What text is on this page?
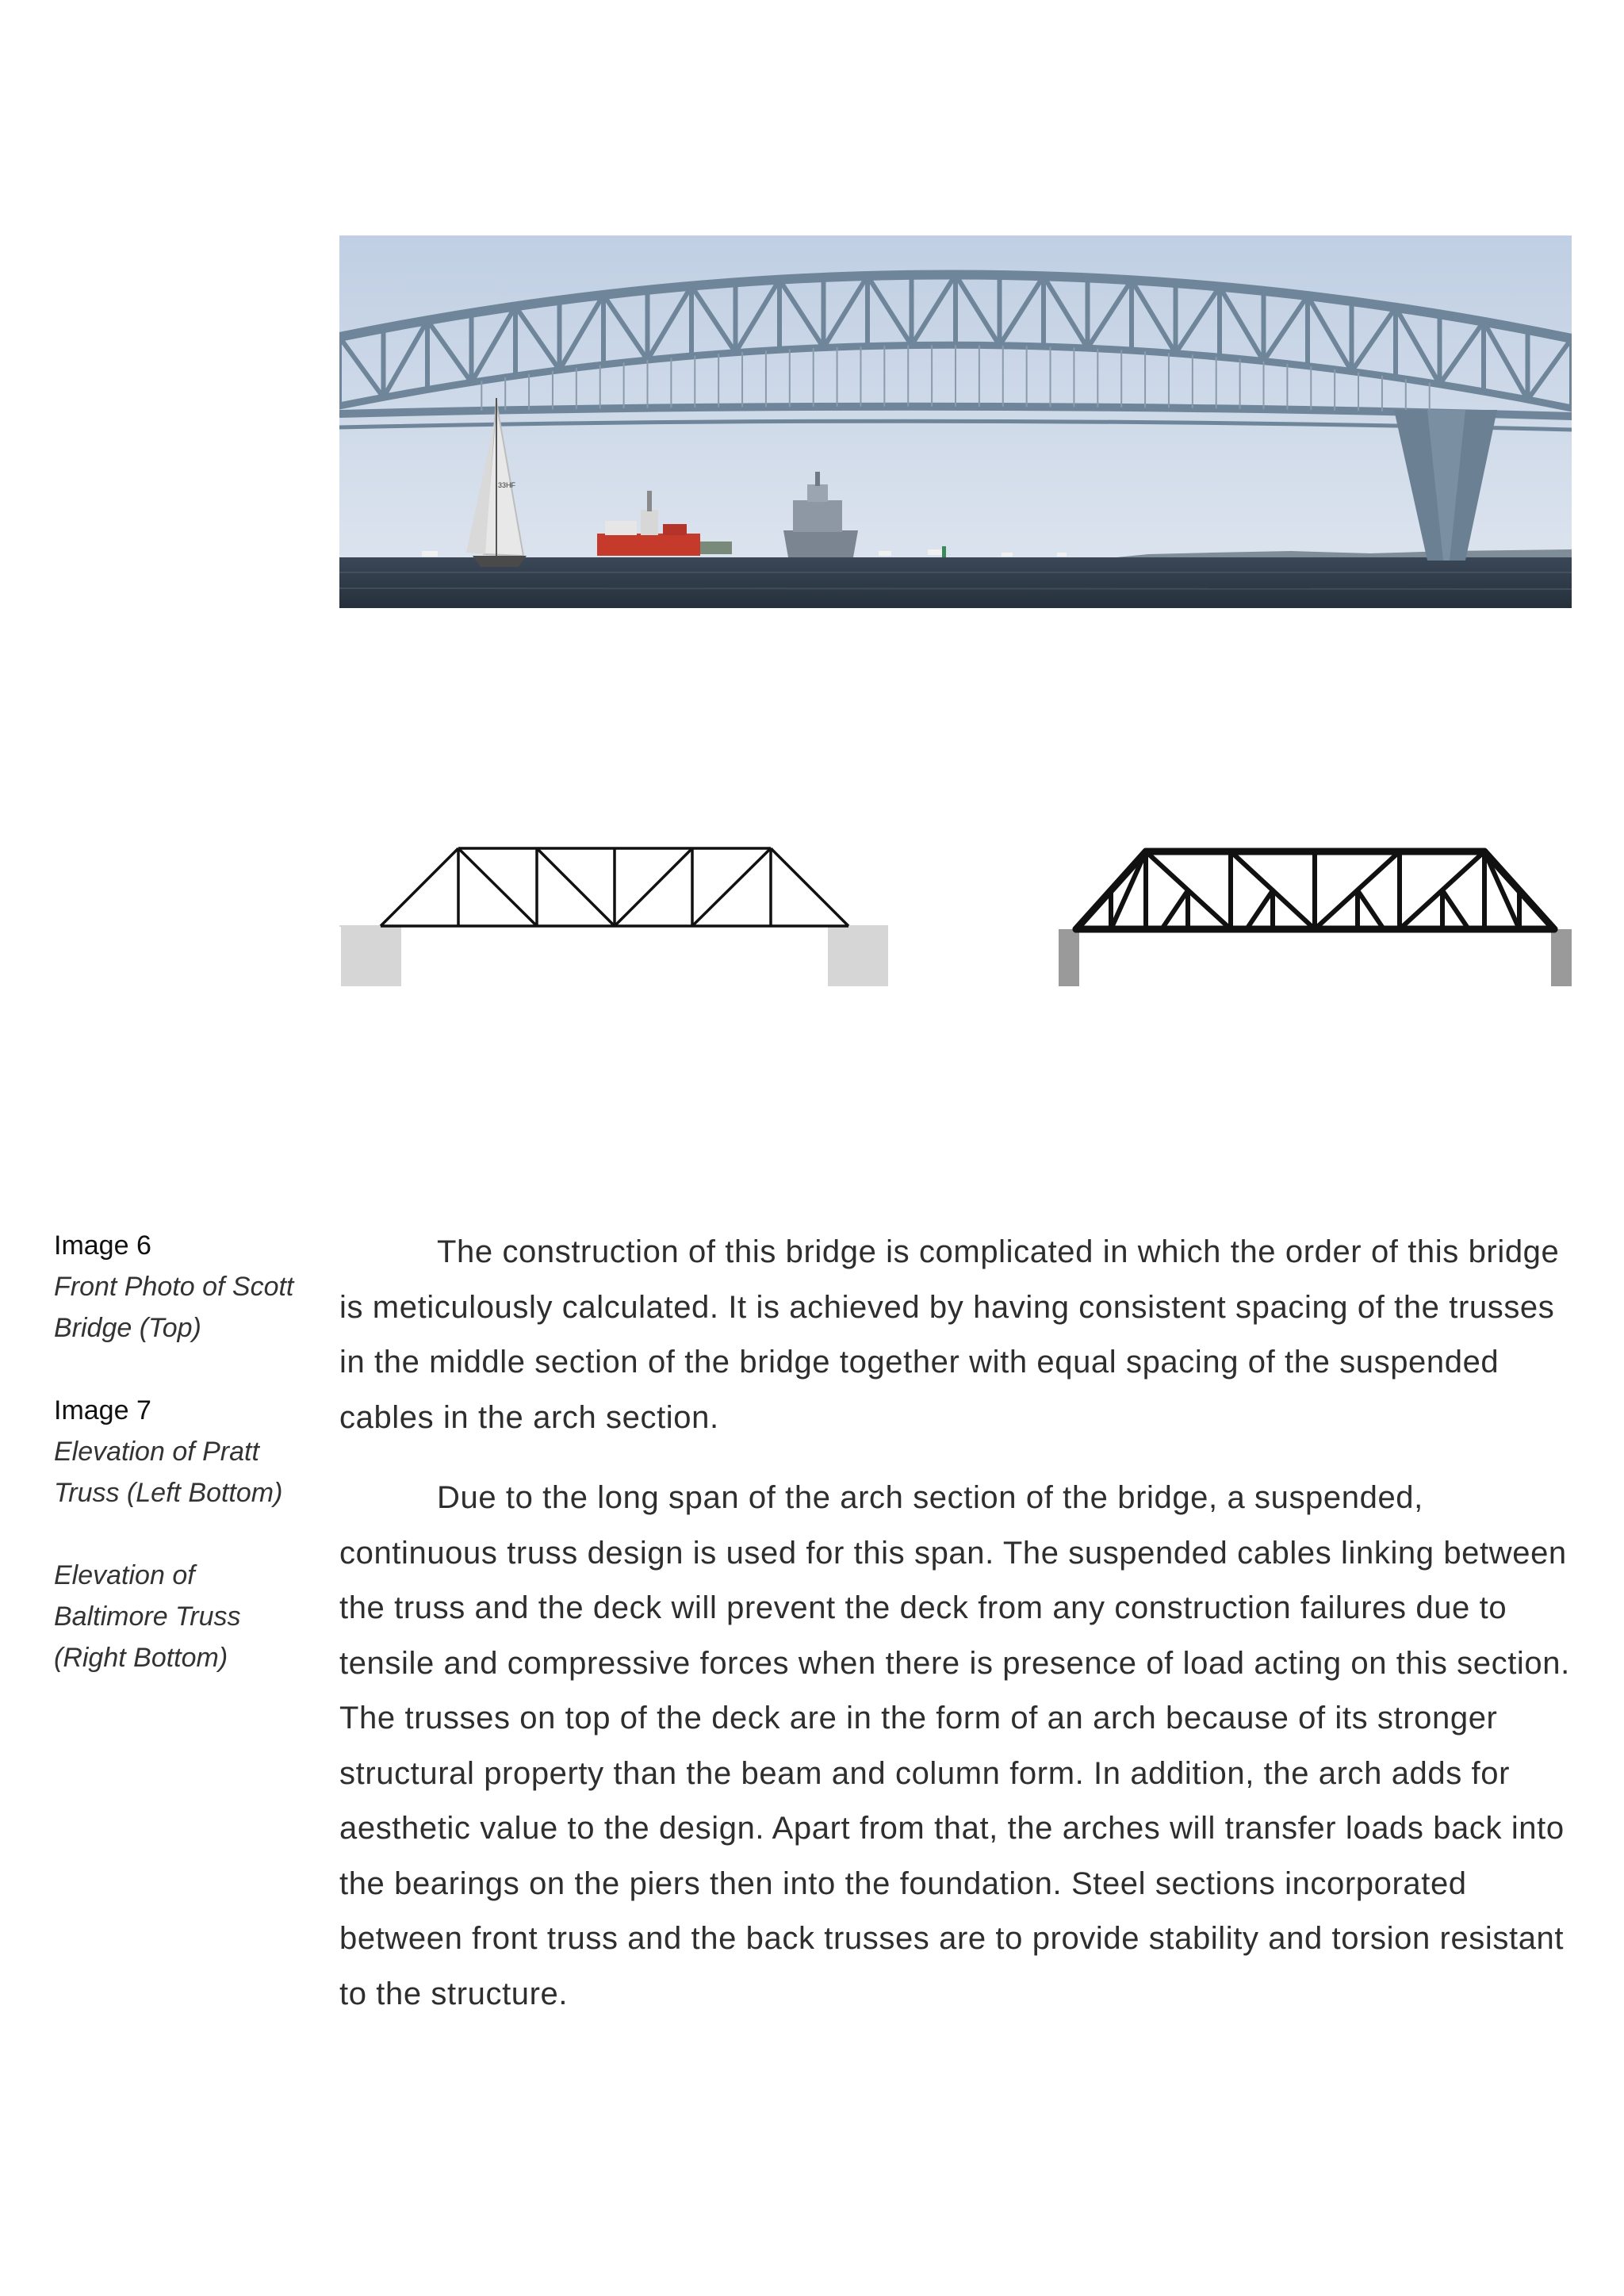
33HF
Image 6
Front Photo of Scott Bridge (Top)
Image 7
Elevation of Pratt Truss (Left Bottom)
Elevation of Baltimore Truss (Right Bottom)

The construction of this bridge is complicated in which the order of this bridge is meticulously calculated. It is achieved by having consistent spacing of the trusses in the middle section of the bridge together with equal spacing of the suspended cables in the arch section.

Due to the long span of the arch section of the bridge, a suspended, continuous truss design is used for this span. The suspended cables linking between the truss and the deck will prevent the deck from any construction failures due to tensile and compressive forces when there is presence of load acting on this section. The trusses on top of the deck are in the form of an arch because of its stronger structural property than the beam and column form. In addition, the arch adds for aesthetic value to the design. Apart from that, the arches will transfer loads back into the bearings on the piers then into the foundation. Steel sections incorporated between front truss and the back trusses are to provide stability and torsion resistant to the structure.
